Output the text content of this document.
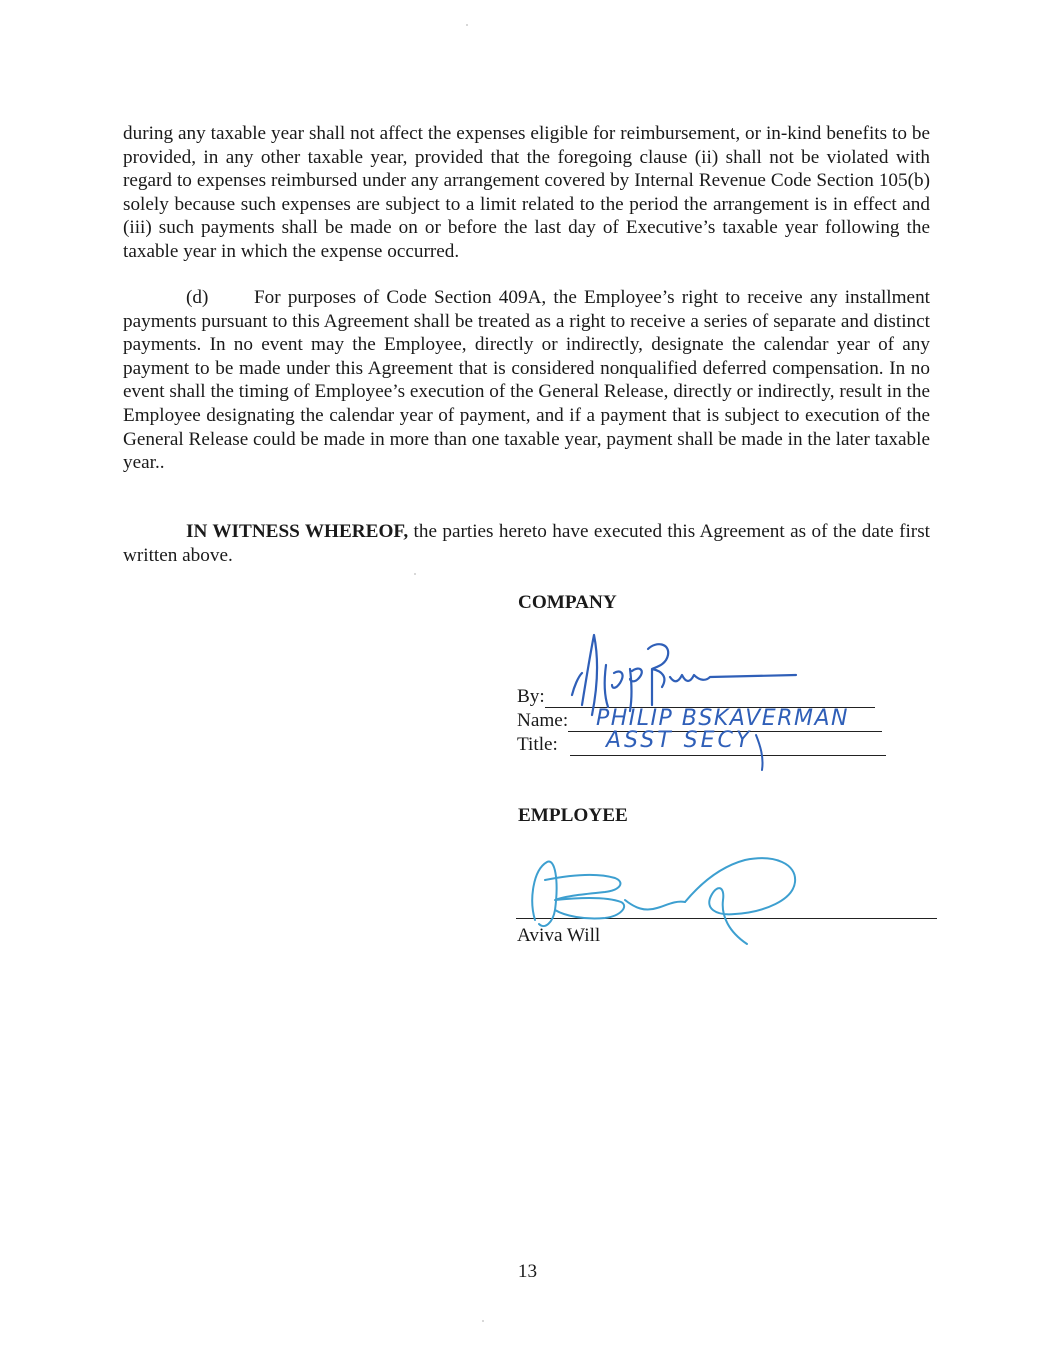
during any taxable year shall not affect the expenses eligible for reimbursement, or in-kind benefits to be provided, in any other taxable year, provided that the foregoing clause (ii) shall not be violated with regard to expenses reimbursed under any arrangement covered by Internal Revenue Code Section 105(b) solely because such expenses are subject to a limit related to the period the arrangement is in effect and (iii) such payments shall be made on or before the last day of Executive’s taxable year following the taxable year in which the expense occurred.

(d) For purposes of Code Section 409A, the Employee’s right to receive any installment payments pursuant to this Agreement shall be treated as a right to receive a series of separate and distinct payments. In no event may the Employee, directly or indirectly, designate the calendar year of any payment to be made under this Agreement that is considered nonqualified deferred compensation. In no event shall the timing of Employee’s execution of the General Release, directly or indirectly, result in the Employee designating the calendar year of payment, and if a payment that is subject to execution of the General Release could be made in more than one taxable year, payment shall be made in the later taxable year..

IN WITNESS WHEREOF, the parties hereto have executed this Agreement as of the date first written above.

COMPANY

By:
Name:
Title:
PHILIP BSKAVERMAN
ASST SECY

EMPLOYEE

Aviva Will
13
